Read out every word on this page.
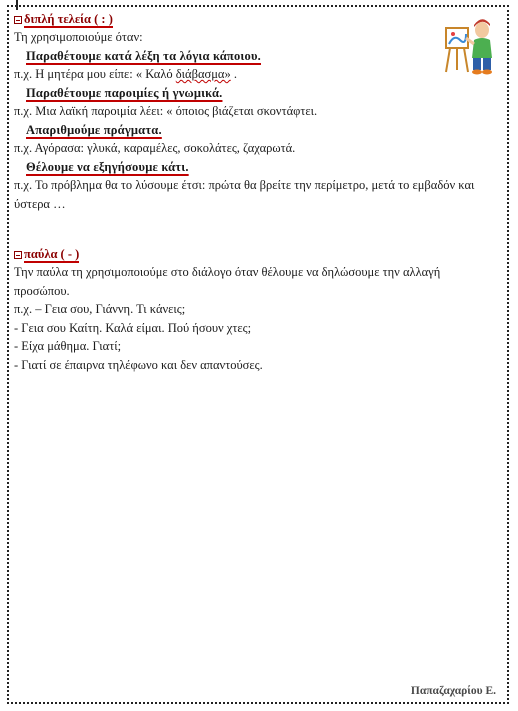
διπλή τελεία ( : )
Τη χρησιμοποιούμε όταν:
Παραθέτουμε κατά λέξη τα λόγια κάποιου.
π.χ. Η μητέρα μου είπε: « Καλό διάβασμα» .
Παραθέτουμε παροιμίες ή γνωμικά.
π.χ. Μια λαϊκή παροιμία λέει: « όποιος βιάζεται σκοντάφτει.
Απαριθμούμε πράγματα.
π.χ. Αγόρασα: γλυκά, καραμέλες, σοκολάτες, ζαχαρωτά.
Θέλουμε να εξηγήσουμε κάτι.
π.χ. Το πρόβλημα θα το λύσουμε έτσι: πρώτα θα βρείτε την περίμετρο, μετά το εμβαδόν και ύστερα …
παύλα ( - )
Την παύλα τη χρησιμοποιούμε στο διάλογο όταν θέλουμε να δηλώσουμε την αλλαγή προσώπου.
π.χ. – Γεια σου, Γιάννη. Τι κάνεις;
- Γεια σου Καίτη. Καλά είμαι. Πού ήσουν χτες;
- Είχα μάθημα. Γιατί;
- Γιατί σε έπαιρνα τηλέφωνο και δεν απαντούσες.
Παπαζαχαρίου Ε.
